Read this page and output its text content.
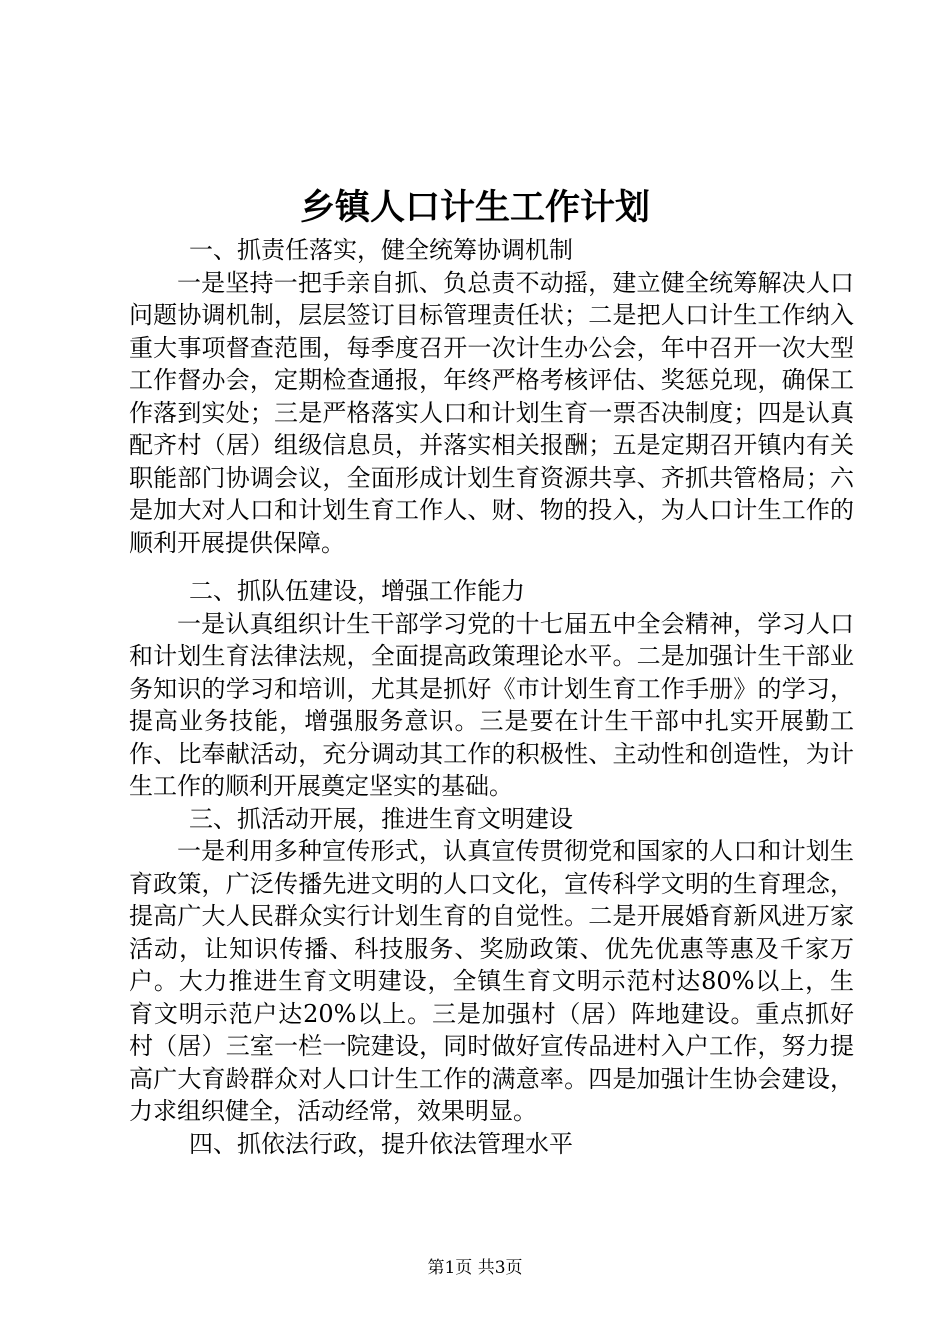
乡镇人口计生工作计划

一、抓责任落实，健全统筹协调机制

一是坚持一把手亲自抓、负总责不动摇，建立健全统筹解决人口问题协调机制，层层签订目标管理责任状；二是把人口计生工作纳入重大事项督查范围，每季度召开一次计生办公会，年中召开一次大型工作督办会，定期检查通报，年终严格考核评估、奖惩兑现，确保工作落到实处；三是严格落实人口和计划生育一票否决制度；四是认真配齐村（居）组级信息员，并落实相关报酬；五是定期召开镇内有关职能部门协调会议，全面形成计划生育资源共享、齐抓共管格局；六是加大对人口和计划生育工作人、财、物的投入，为人口计生工作的顺利开展提供保障。

二、抓队伍建设，增强工作能力

一是认真组织计生干部学习党的十七届五中全会精神，学习人口和计划生育法律法规，全面提高政策理论水平。二是加强计生干部业务知识的学习和培训，尤其是抓好《市计划生育工作手册》的学习，提高业务技能，增强服务意识。三是要在计生干部中扎实开展勤工作、比奉献活动，充分调动其工作的积极性、主动性和创造性，为计生工作的顺利开展奠定坚实的基础。

三、抓活动开展，推进生育文明建设

一是利用多种宣传形式，认真宣传贯彻党和国家的人口和计划生育政策，广泛传播先进文明的人口文化，宣传科学文明的生育理念，提高广大人民群众实行计划生育的自觉性。二是开展婚育新风进万家活动，让知识传播、科技服务、奖励政策、优先优惠等惠及千家万户。大力推进生育文明建设，全镇生育文明示范村达80%以上，生育文明示范户达20%以上。三是加强村（居）阵地建设。重点抓好村（居）三室一栏一院建设，同时做好宣传品进村入户工作，努力提高广大育龄群众对人口计生工作的满意率。四是加强计生协会建设，力求组织健全，活动经常，效果明显。

四、抓依法行政，提升依法管理水平

第1页 共3页
